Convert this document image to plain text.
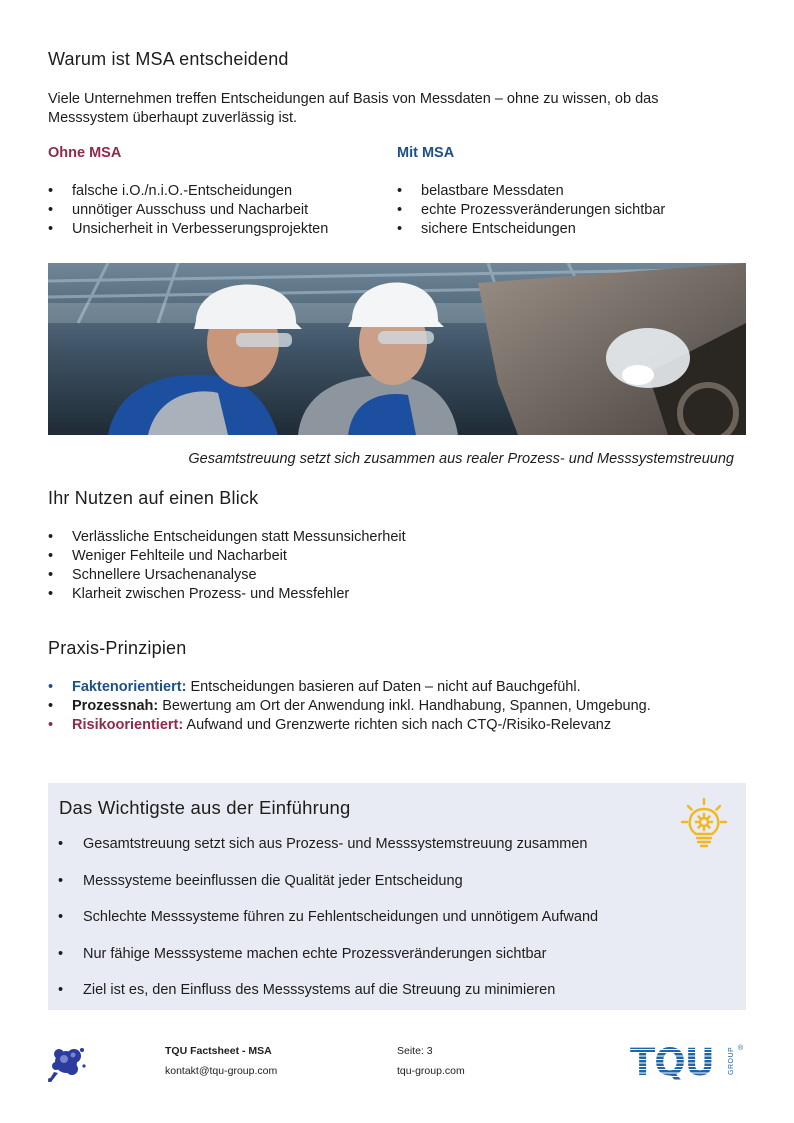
Warum ist MSA entscheidend
Viele Unternehmen treffen Entscheidungen auf Basis von Messdaten – ohne zu wissen, ob das
Messsystem überhaupt zuverlässig ist.
Ohne MSA
• falsche i.O./n.i.O.-Entscheidungen
• unnötiger Ausschuss und Nacharbeit
• Unsicherheit in Verbesserungsprojekten
Mit MSA
• belastbare Messdaten
• echte Prozessveränderungen sichtbar
• sichere Entscheidungen
Gesamtstreuung setzt sich zusammen aus realer Prozess- und Messsystemstreuung
Ihr Nutzen auf einen Blick
• Verlässliche Entscheidungen statt Messunsicherheit
• Weniger Fehlteile und Nacharbeit
• Schnellere Ursachenanalyse
• Klarheit zwischen Prozess- und Messfehler
Praxis-Prinzipien
• Faktenorientiert: Entscheidungen basieren auf Daten – nicht auf Bauchgefühl.
• Prozessnah: Bewertung am Ort der Anwendung inkl. Handhabung, Spannen, Umgebung.
• Risikoorientiert: Aufwand und Grenzwerte richten sich nach CTQ-/Risiko-Relevanz
Das Wichtigste aus der Einführung
• Gesamtstreuung setzt sich aus Prozess- und Messsystemstreuung zusammen
• Messsysteme beeinflussen die Qualität jeder Entscheidung
• Schlechte Messsysteme führen zu Fehlentscheidungen und unnötigem Aufwand
• Nur fähige Messsysteme machen echte Prozessveränderungen sichtbar
• Ziel ist es, den Einfluss des Messsystems auf die Streuung zu minimieren
TQU Factsheet - MSA
kontakt@tqu-group.com
Seite: 3
tqu-group.com	TQU GROUP ®
